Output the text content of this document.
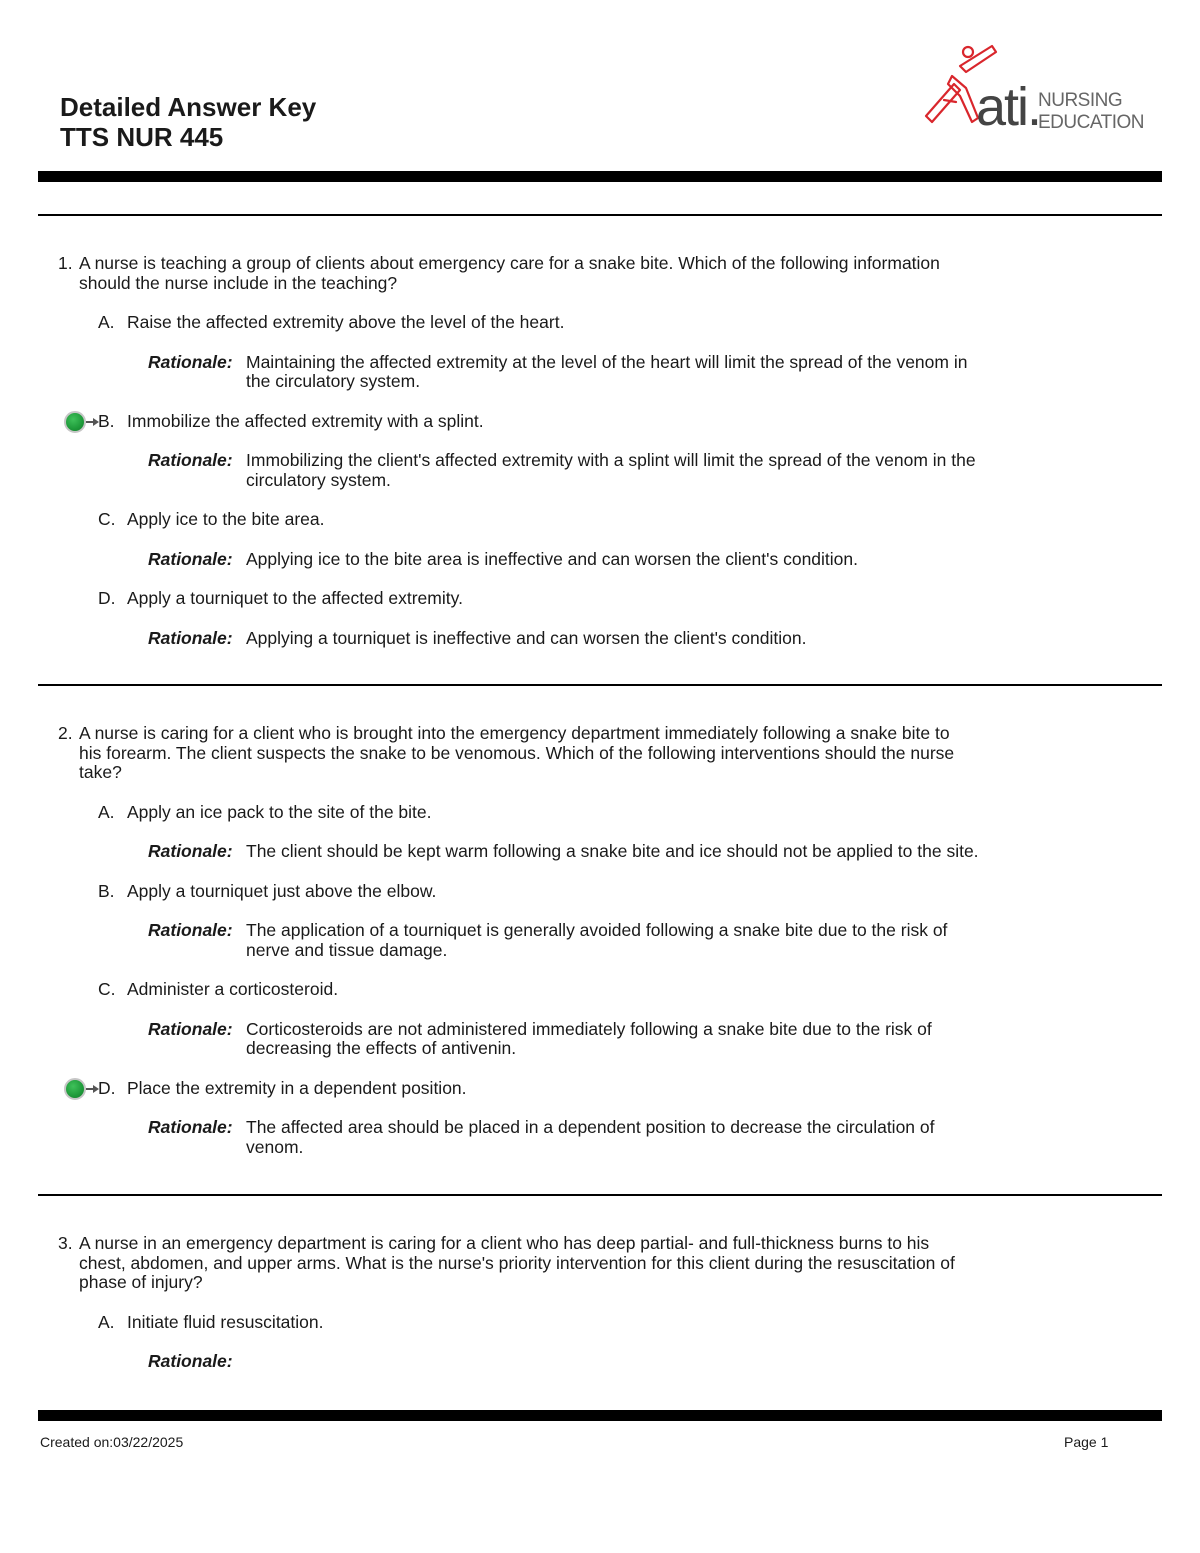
Detailed Answer Key
TTS NUR 445	ati.
NURSING
EDUCATION
1. A nurse is teaching a group of clients about emergency care for a snake bite. Which of the following information
should the nurse include in the teaching?
A. Raise the affected extremity above the level of the heart.
Rationale: Maintaining the affected extremity at the level of the heart will limit the spread of the venom in
the circulatory system.
B. Immobilize the affected extremity with a splint.
Rationale: Immobilizing the client's affected extremity with a splint will limit the spread of the venom in the
circulatory system.
C. Apply ice to the bite area.
Rationale: Applying ice to the bite area is ineffective and can worsen the client's condition.
D. Apply a tourniquet to the affected extremity.
Rationale: Applying a tourniquet is ineffective and can worsen the client's condition.
2. A nurse is caring for a client who is brought into the emergency department immediately following a snake bite to
his forearm. The client suspects the snake to be venomous. Which of the following interventions should the nurse
take?
A. Apply an ice pack to the site of the bite.
Rationale: The client should be kept warm following a snake bite and ice should not be applied to the site.
B. Apply a tourniquet just above the elbow.
Rationale: The application of a tourniquet is generally avoided following a snake bite due to the risk of
nerve and tissue damage.
C. Administer a corticosteroid.
Rationale: Corticosteroids are not administered immediately following a snake bite due to the risk of
decreasing the effects of antivenin.
D. Place the extremity in a dependent position.
Rationale: The affected area should be placed in a dependent position to decrease the circulation of
venom.
3. A nurse in an emergency department is caring for a client who has deep partial- and full-thickness burns to his
chest, abdomen, and upper arms. What is the nurse's priority intervention for this client during the resuscitation of
phase of injury?
A. Initiate fluid resuscitation.
Rationale:
Created on:03/22/2025	Page 1
